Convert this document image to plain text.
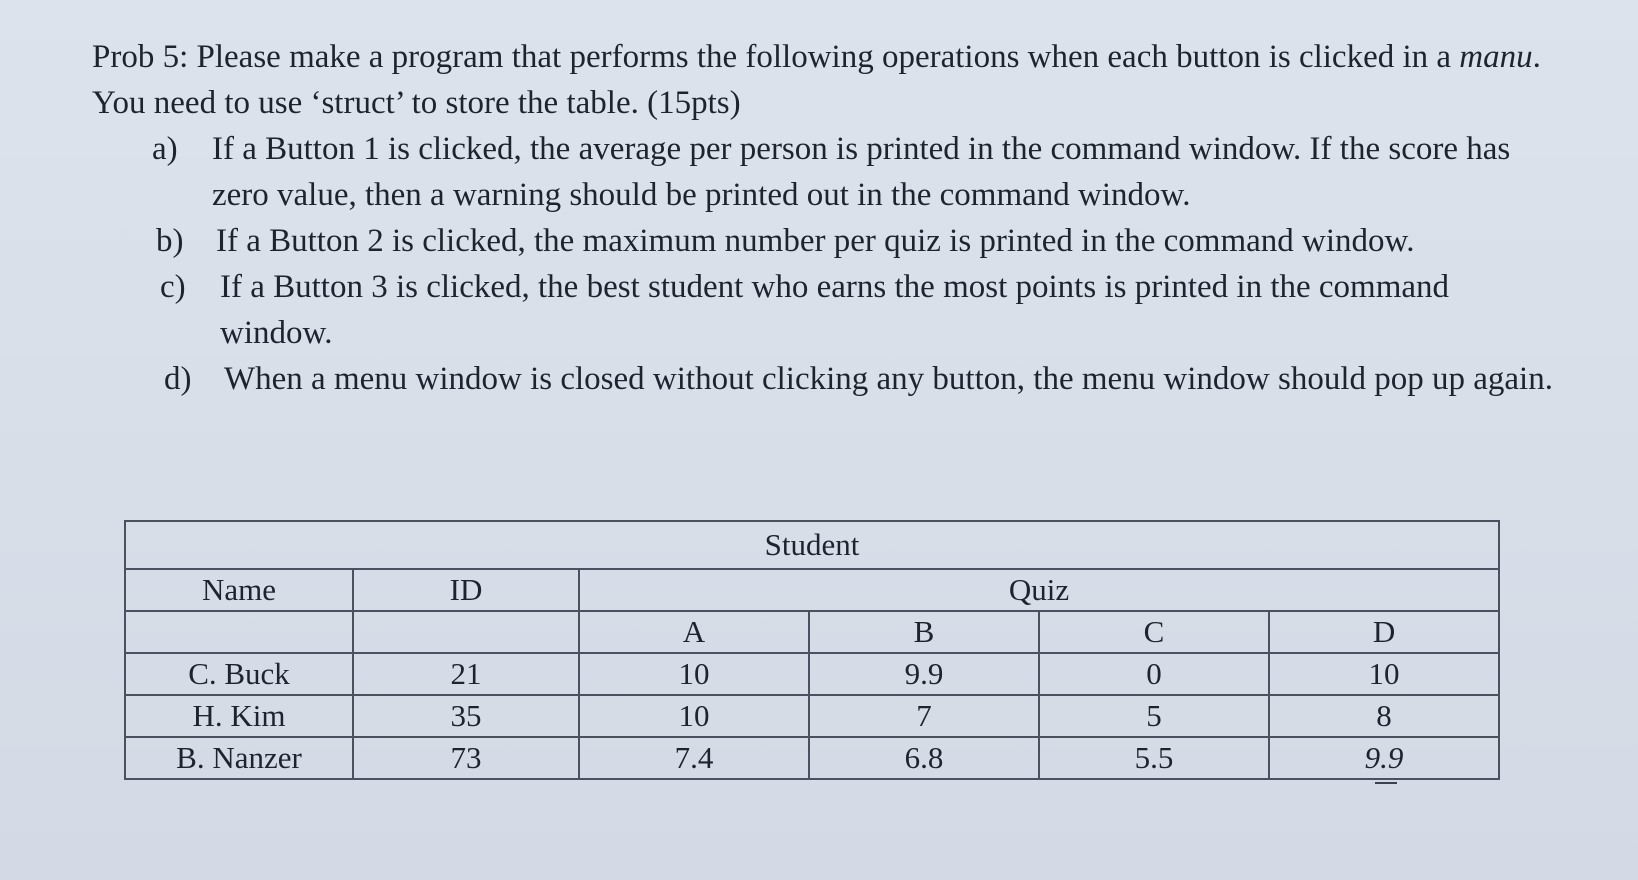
Prob 5: Please make a program that performs the following operations when each button is clicked in a manu. You need to use ‘struct’ to store the table. (15pts)

a)	If a Button 1 is clicked, the average per person is printed in the command window. If the score has zero value, then a warning should be printed out in the command window.
b) If a Button 2 is clicked, the maximum number per quiz is printed in the command window.
c)	If a Button 3 is clicked, the best student who earns the most points is printed in the command window.
d) When a menu window is closed without clicking any button, the menu window should pop up again.
Student					
Name	ID	Quiz			
		A	B	C	D
C. Buck	21	10	9.9	0	10
H. Kim	35	10	7	5	8
B. Nanzer	73	7.4	6.8	5.5	9.9
